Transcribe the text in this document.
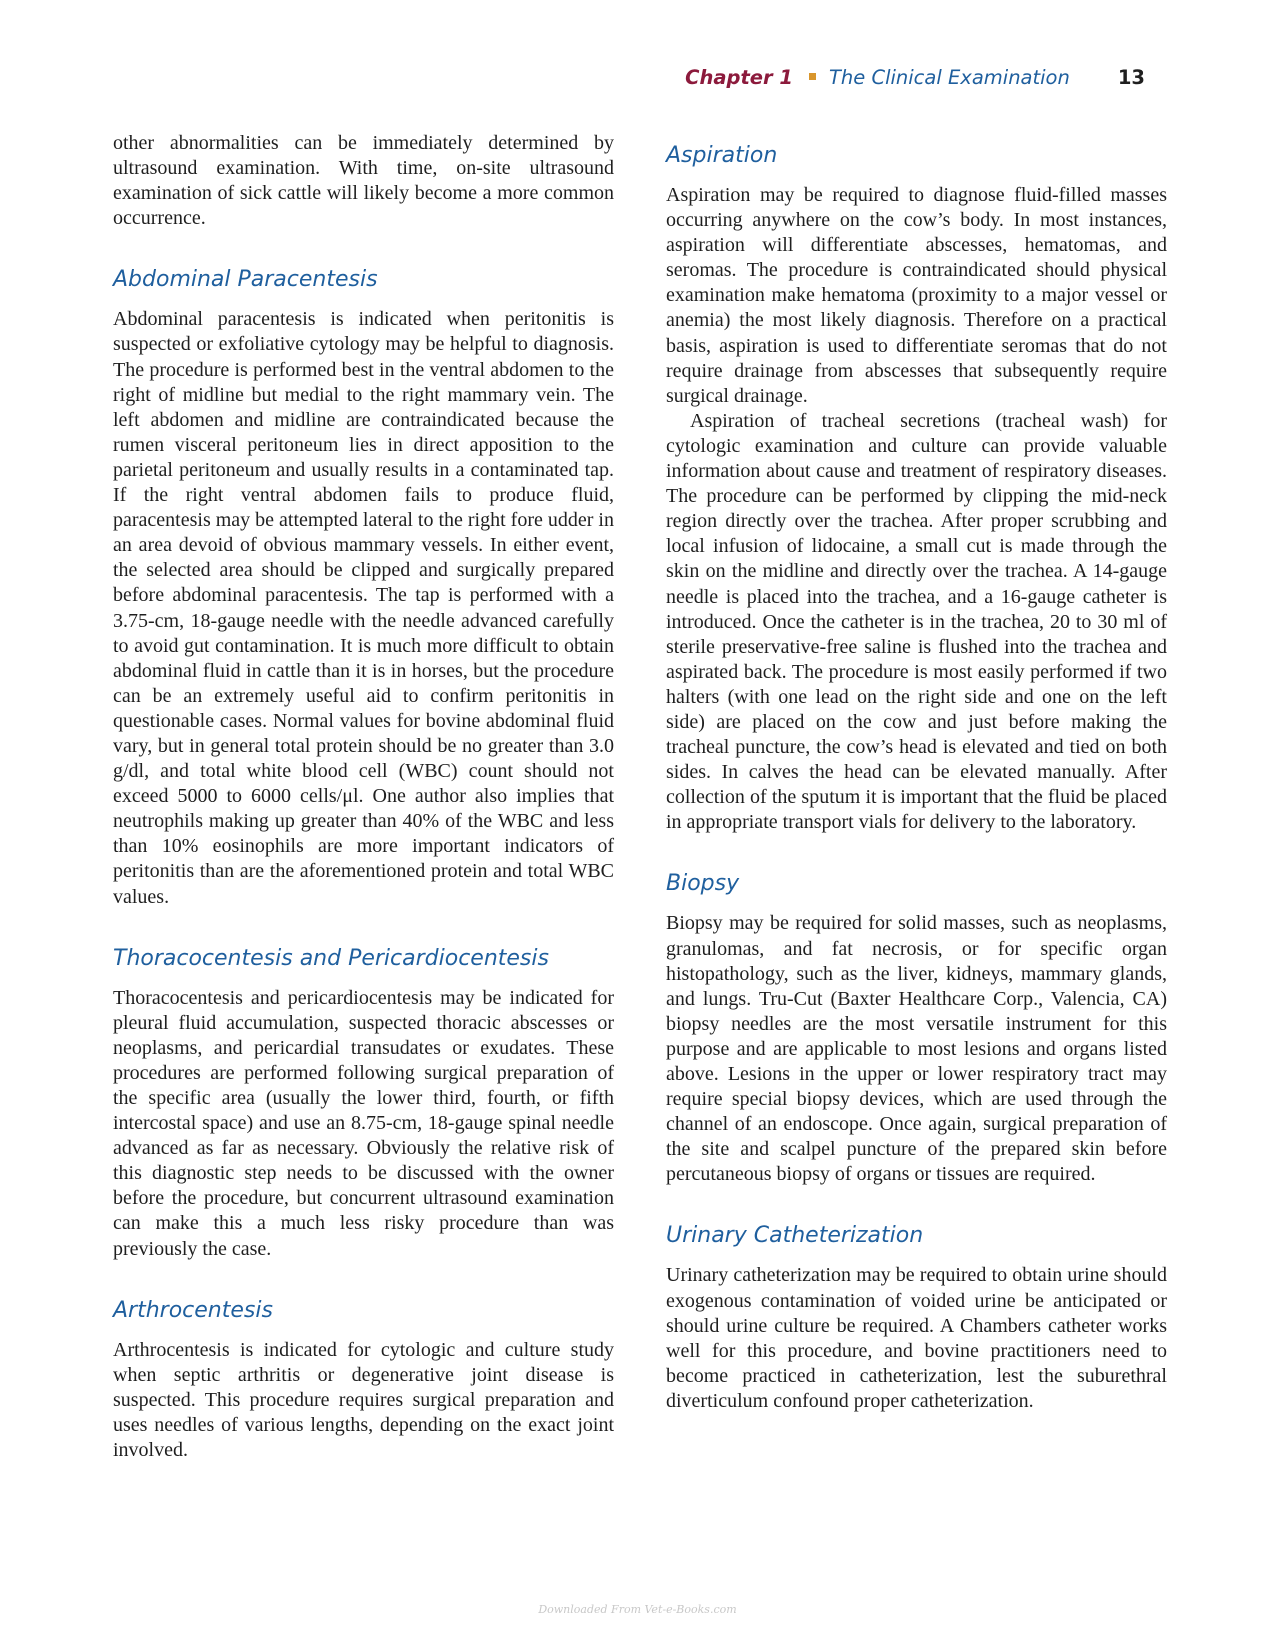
Chapter 1 The Clinical Examination 13

other abnormalities can be immediately determined by ultrasound examination. With time, on-site ultrasound examination of sick cattle will likely become a more common occurrence.

Abdominal Paracentesis

Abdominal paracentesis is indicated when peritonitis is suspected or exfoliative cytology may be helpful to diagnosis. The procedure is performed best in the ventral abdomen to the right of midline but medial to the right mammary vein. The left abdomen and midline are contraindicated because the rumen visceral peritoneum lies in direct apposition to the parietal peritoneum and usually results in a contaminated tap. If the right ventral abdomen fails to produce fluid, paracentesis may be attempted lateral to the right fore udder in an area devoid of obvious mammary vessels. In either event, the selected area should be clipped and surgically prepared before abdominal paracentesis. The tap is performed with a 3.75-cm, 18-gauge needle with the needle advanced carefully to avoid gut contamination. It is much more difficult to obtain abdominal fluid in cattle than it is in horses, but the procedure can be an extremely useful aid to confirm peritonitis in questionable cases. Normal values for bovine abdominal fluid vary, but in general total protein should be no greater than 3.0 g/dl, and total white blood cell (WBC) count should not exceed 5000 to 6000 cells/μl. One author also implies that neutrophils making up greater than 40% of the WBC and less than 10% eosinophils are more important indicators of peritonitis than are the aforementioned protein and total WBC values.

Thoracocentesis and Pericardiocentesis

Thoracocentesis and pericardiocentesis may be indicated for pleural fluid accumulation, suspected thoracic abscesses or neoplasms, and pericardial transudates or exudates. These procedures are performed following surgical preparation of the specific area (usually the lower third, fourth, or fifth intercostal space) and use an 8.75-cm, 18-gauge spinal needle advanced as far as necessary. Obviously the relative risk of this diagnostic step needs to be discussed with the owner before the procedure, but concurrent ultrasound examination can make this a much less risky procedure than was previously the case.

Arthrocentesis

Arthrocentesis is indicated for cytologic and culture study when septic arthritis or degenerative joint disease is suspected. This procedure requires surgical preparation and uses needles of various lengths, depending on the exact joint involved.

Aspiration

Aspiration may be required to diagnose fluid-filled masses occurring anywhere on the cow’s body. In most instances, aspiration will differentiate abscesses, hematomas, and seromas. The procedure is contraindicated should physical examination make hematoma (proximity to a major vessel or anemia) the most likely diagnosis. Therefore on a practical basis, aspiration is used to differentiate seromas that do not require drainage from abscesses that subsequently require surgical drainage.

Aspiration of tracheal secretions (tracheal wash) for cytologic examination and culture can provide valuable information about cause and treatment of respiratory diseases. The procedure can be performed by clipping the mid-neck region directly over the trachea. After proper scrubbing and local infusion of lidocaine, a small cut is made through the skin on the midline and directly over the trachea. A 14-gauge needle is placed into the trachea, and a 16-gauge catheter is introduced. Once the catheter is in the trachea, 20 to 30 ml of sterile preservative-free saline is flushed into the trachea and aspirated back. The procedure is most easily performed if two halters (with one lead on the right side and one on the left side) are placed on the cow and just before making the tracheal puncture, the cow’s head is elevated and tied on both sides. In calves the head can be elevated manually. After collection of the sputum it is important that the fluid be placed in appropriate transport vials for delivery to the laboratory.

Biopsy

Biopsy may be required for solid masses, such as neoplasms, granulomas, and fat necrosis, or for specific organ histopathology, such as the liver, kidneys, mammary glands, and lungs. Tru-Cut (Baxter Healthcare Corp., Valencia, CA) biopsy needles are the most versatile instrument for this purpose and are applicable to most lesions and organs listed above. Lesions in the upper or lower respiratory tract may require special biopsy devices, which are used through the channel of an endoscope. Once again, surgical preparation of the site and scalpel puncture of the prepared skin before percutaneous biopsy of organs or tissues are required.

Urinary Catheterization

Urinary catheterization may be required to obtain urine should exogenous contamination of voided urine be anticipated or should urine culture be required. A Chambers catheter works well for this procedure, and bovine practitioners need to become practiced in catheterization, lest the suburethral diverticulum confound proper catheterization.

Downloaded From Vet-e-Books.com
